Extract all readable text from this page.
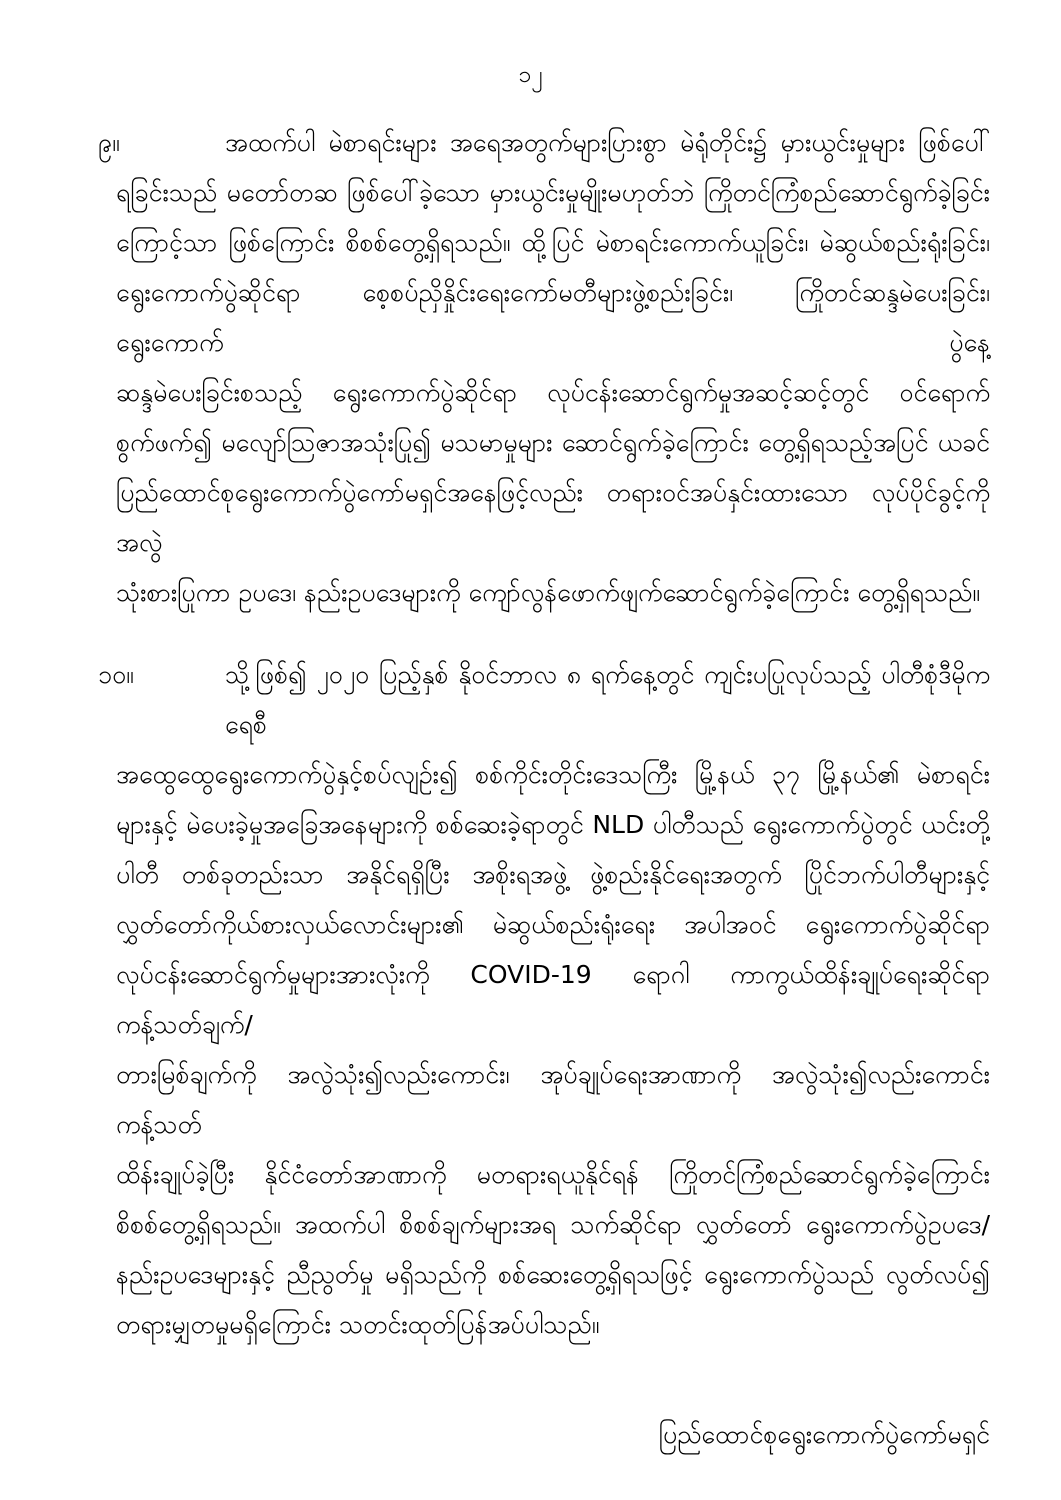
၁၂
၉။	အထက်ပါ မဲစာရင်းများ အရေအတွက်များပြားစွာ မဲရုံတိုင်း၌ မှားယွင်းမှုများ ဖြစ်ပေါ်
ရခြင်းသည် မတော်တဆ ဖြစ်ပေါ်ခဲ့သော မှားယွင်းမှုမျိုးမဟုတ်ဘဲ ကြိုတင်ကြံစည်ဆောင်ရွက်ခဲ့ခြင်း
ကြောင့်သာ ဖြစ်ကြောင်း စိစစ်တွေ့ရှိရသည်။ ထို့ပြင် မဲစာရင်းကောက်ယူခြင်း၊ မဲဆွယ်စည်းရုံးခြင်း၊
ရွေးကောက်ပွဲဆိုင်ရာ စေ့စပ်ညှိနှိုင်းရေးကော်မတီများဖွဲ့စည်းခြင်း၊ ကြိုတင်ဆန္ဒမဲပေးခြင်း၊ ရွေးကောက် ပွဲနေ့
ဆန္ဒမဲပေးခြင်းစသည့် ရွေးကောက်ပွဲဆိုင်ရာ လုပ်ငန်းဆောင်ရွက်မှုအဆင့်ဆင့်တွင် ဝင်ရောက်
စွက်ဖက်၍ မလျော်ဩဇာအသုံးပြု၍ မသမာမှုများ ဆောင်ရွက်ခဲ့ကြောင်း တွေ့ရှိရသည့်အပြင် ယခင်
ပြည်ထောင်စုရွေးကောက်ပွဲကော်မရှင်အနေဖြင့်လည်း တရားဝင်အပ်နှင်းထားသော လုပ်ပိုင်ခွင့်ကို အလွဲ
သုံးစားပြုကာ ဥပဒေ၊ နည်းဥပဒေများကို ကျော်လွန်ဖောက်ဖျက်ဆောင်ရွက်ခဲ့ကြောင်း တွေ့ရှိရသည်။
၁၀။	သို့ဖြစ်၍ ၂၀၂၀ ပြည့်နှစ် နိုဝင်ဘာလ ၈ ရက်နေ့တွင် ကျင်းပပြုလုပ်သည့် ပါတီစုံဒီမိုကရေစီ
အထွေထွေရွေးကောက်ပွဲနှင့်စပ်လျဉ်း၍ စစ်ကိုင်းတိုင်းဒေသကြီး မြို့နယ် ၃၇ မြို့နယ်၏ မဲစာရင်း
များနှင့် မဲပေးခဲ့မှုအခြေအနေများကို စစ်ဆေးခဲ့ရာတွင် NLD ပါတီသည် ရွေးကောက်ပွဲတွင် ယင်းတို့
ပါတီ တစ်ခုတည်းသာ အနိုင်ရရှိပြီး အစိုးရအဖွဲ့ ဖွဲ့စည်းနိုင်ရေးအတွက် ပြိုင်ဘက်ပါတီများနှင့်
လွှတ်တော်ကိုယ်စားလှယ်လောင်းများ၏ မဲဆွယ်စည်းရုံးရေး အပါအဝင် ရွေးကောက်ပွဲဆိုင်ရာ
လုပ်ငန်းဆောင်ရွက်မှုများအားလုံးကို COVID-19 ရောဂါ ကာကွယ်ထိန်းချုပ်ရေးဆိုင်ရာ ကန့်သတ်ချက်/
တားမြစ်ချက်ကို အလွဲသုံး၍လည်းကောင်း၊ အုပ်ချုပ်ရေးအာဏာကို အလွဲသုံး၍လည်းကောင်း ကန့်သတ်
ထိန်းချုပ်ခဲ့ပြီး နိုင်ငံတော်အာဏာကို မတရားရယူနိုင်ရန် ကြိုတင်ကြံစည်ဆောင်ရွက်ခဲ့ကြောင်း
စိစစ်တွေ့ရှိရသည်။ အထက်ပါ စိစစ်ချက်များအရ သက်ဆိုင်ရာ လွှတ်တော် ရွေးကောက်ပွဲဥပဒေ/
နည်းဥပဒေများနှင့် ညီညွတ်မှု မရှိသည်ကို စစ်ဆေးတွေ့ရှိရသဖြင့် ရွေးကောက်ပွဲသည် လွတ်လပ်၍
တရားမျှတမှုမရှိကြောင်း သတင်းထုတ်ပြန်အပ်ပါသည်။
ပြည်ထောင်စုရွေးကောက်ပွဲကော်မရှင်
